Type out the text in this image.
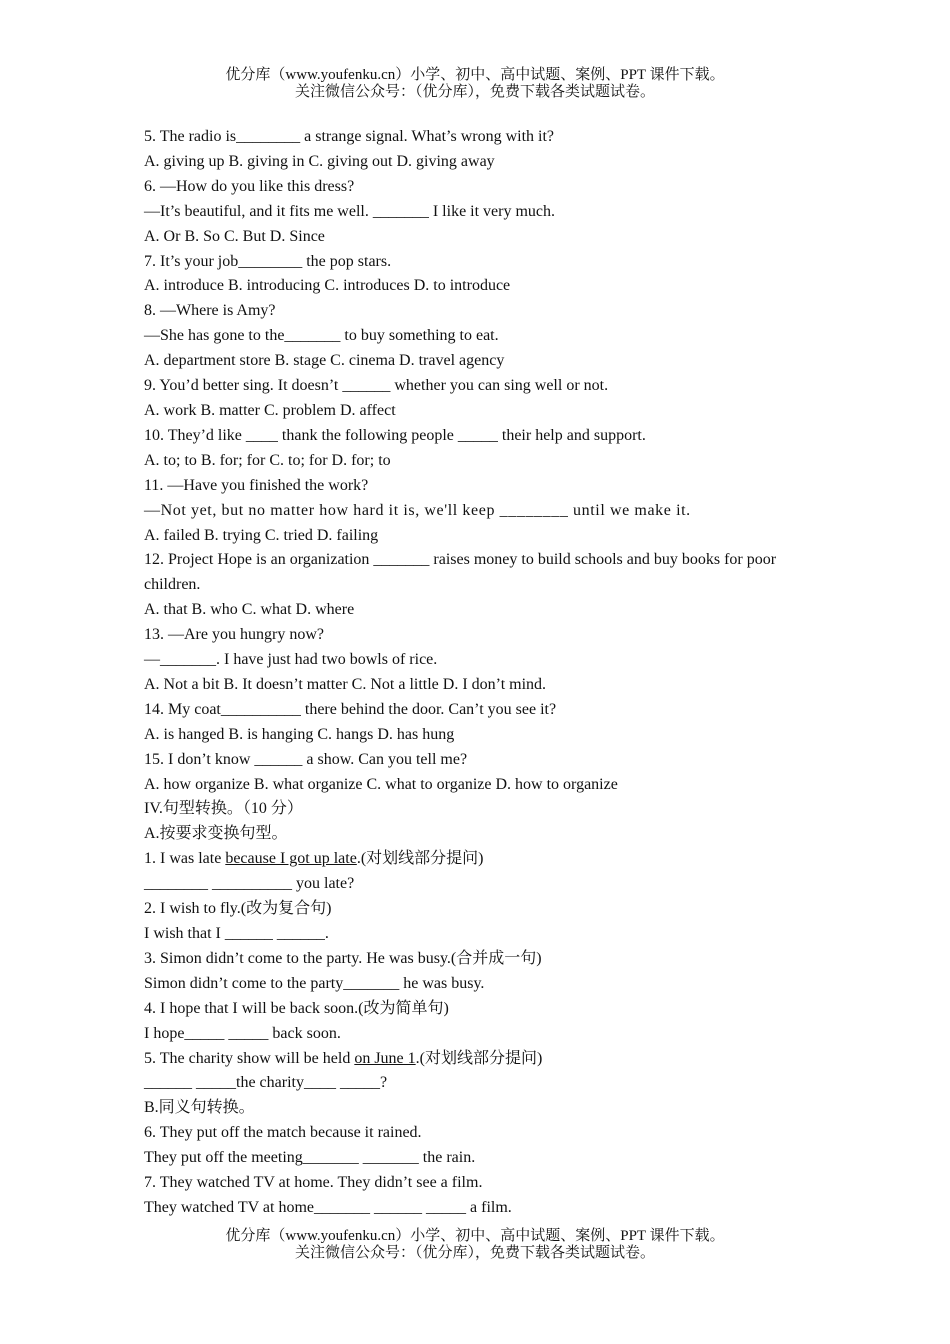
优分库（www.youfenku.cn）小学、初中、高中试题、案例、PPT 课件下载。
关注微信公众号：（优分库），免费下载各类试题试卷。
5. The radio is________ a strange signal. What’s wrong with it?
A. giving up B. giving in C. giving out D. giving away
6. —How do you like this dress?
—It’s beautiful, and it fits me well. _______ I like it very much.
A. Or B. So C. But D. Since
7. It’s your job________ the pop stars.
A. introduce B. introducing C. introduces D. to introduce
8. —Where is Amy?
—She has gone to the_______ to buy something to eat.
A. department store B. stage C. cinema D. travel agency
9. You’d better sing. It doesn’t ______ whether you can sing well or not.
A. work B. matter C. problem D. affect
10. They’d like ____ thank the following people _____ their help and support.
A. to; to B. for; for C. to; for D. for; to
11. —Have you finished the work?
—Not yet, but no matter how hard it is, we'll keep ________ until we make it.
A. failed B. trying C. tried D. failing
12. Project Hope is an organization _______ raises money to build schools and buy books for poor children.
A. that B. who C. what D. where
13. —Are you hungry now?
—_______. I have just had two bowls of rice.
A. Not a bit B. It doesn’t matter C. Not a little D. I don’t mind.
14. My coat__________ there behind the door. Can’t you see it?
A. is hanged B. is hanging C. hangs D. has hung
15. I don’t know ______ a show. Can you tell me?
A. how organize B. what organize C. what to organize D. how to organize
IV.句型转换。（10 分）
A.按要求变换句型。
1. I was late because I got up late.(对划线部分提问)
________ __________ you late?
2. I wish to fly.(改为复合句)
I wish that I ______ ______.
3. Simon didn’t come to the party. He was busy.(合并成一句)
Simon didn’t come to the party_______ he was busy.
4. I hope that I will be back soon.(改为简单句)
I hope_____ _____ back soon.
5. The charity show will be held on June 1.(对划线部分提问)
______ _____the charity____ _____?
B.同义句转换。
6. They put off the match because it rained.
They put off the meeting_______ _______ the rain.
7. They watched TV at home. They didn’t see a film.
They watched TV at home_______ ______ _____ a film.
优分库（www.youfenku.cn）小学、初中、高中试题、案例、PPT 课件下载。
关注微信公众号：（优分库），免费下载各类试题试卷。
